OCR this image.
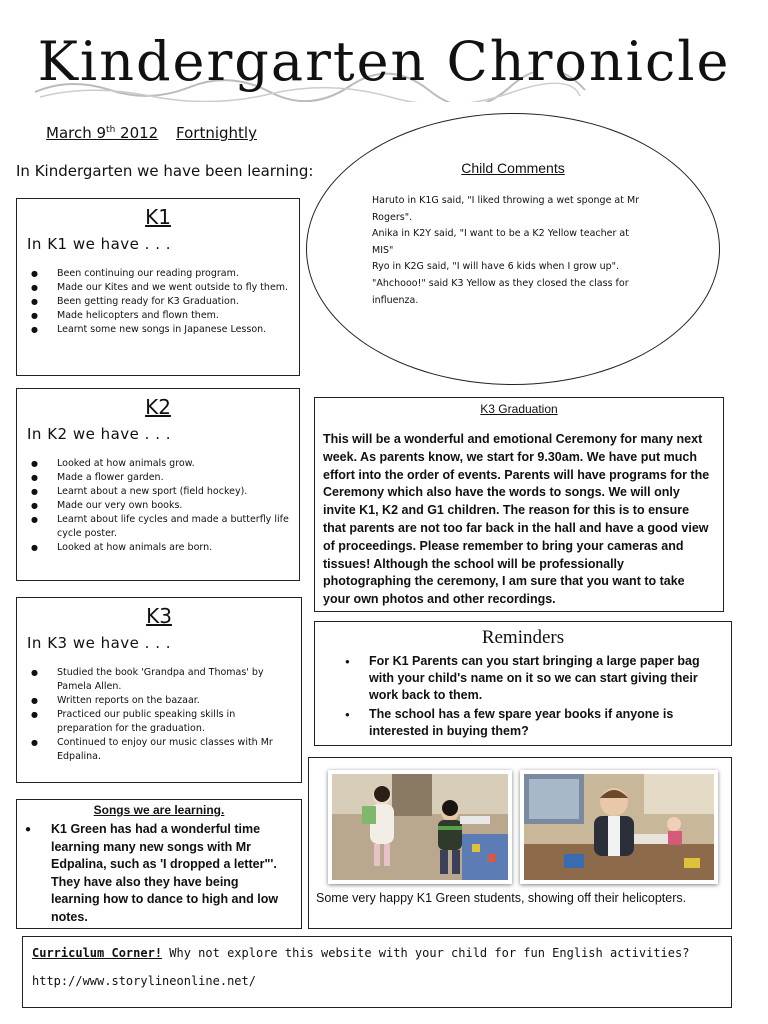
Kindergarten Chronicle
March 9th 2012 Fortnightly
In Kindergarten we have been learning:	Child Comments
Haruto in K1G said, "I liked throwing a wet sponge at Mr
Rogers".
Anika in K2Y said, "I want to be a K2 Yellow teacher at
MIS"
Ryo in K2G said, "I will have 6 kids when I grow up".
"Ahchooo!" said K3 Yellow as they closed the class for
influenza.
K1
In K1 we have . . .
● Been continuing our reading program.
● Made our Kites and we went outside to fly them.
● Been getting ready for K3 Graduation.
● Made helicopters and flown them.
● Learnt some new songs in Japanese Lesson.
K2
In K2 we have . . .
● Looked at how animals grow.
● Made a flower garden.
● Learnt about a new sport (field hockey).
● Made our very own books.
● Learnt about life cycles and made a butterfly life cycle poster.
● Looked at how animals are born.
K3
In K3 we have . . .
● Studied the book 'Grandpa and Thomas' by Pamela Allen.
● Written reports on the bazaar.
● Practiced our public speaking skills in preparation for the graduation.
● Continued to enjoy our music classes with Mr Edpalina.
K3 Graduation
This will be a wonderful and emotional Ceremony for many next week. As parents know, we start for 9.30am. We have put much effort into the order of events. Parents will have programs for the Ceremony which also have the words to songs. We will only invite K1, K2 and G1 children. The reason for this is to ensure that parents are not too far back in the hall and have a good view of proceedings. Please remember to bring your cameras and tissues! Although the school will be professionally photographing the ceremony, I am sure that you want to take your own photos and other recordings.
Reminders
● For K1 Parents can you start bringing a large paper bag with your child's name on it so we can start giving their work back to them.
● The school has a few spare year books if anyone is interested in buying them?
Songs we are learning.
● K1 Green has had a wonderful time learning many new songs with Mr Edpalina, such as 'I dropped a letter"'. They have also they have being learning how to dance to high and low notes.
Some very happy K1 Green students, showing off their helicopters.
Curriculum Corner! Why not explore this website with your child for fun English activities?
http://www.storylineonline.net/
